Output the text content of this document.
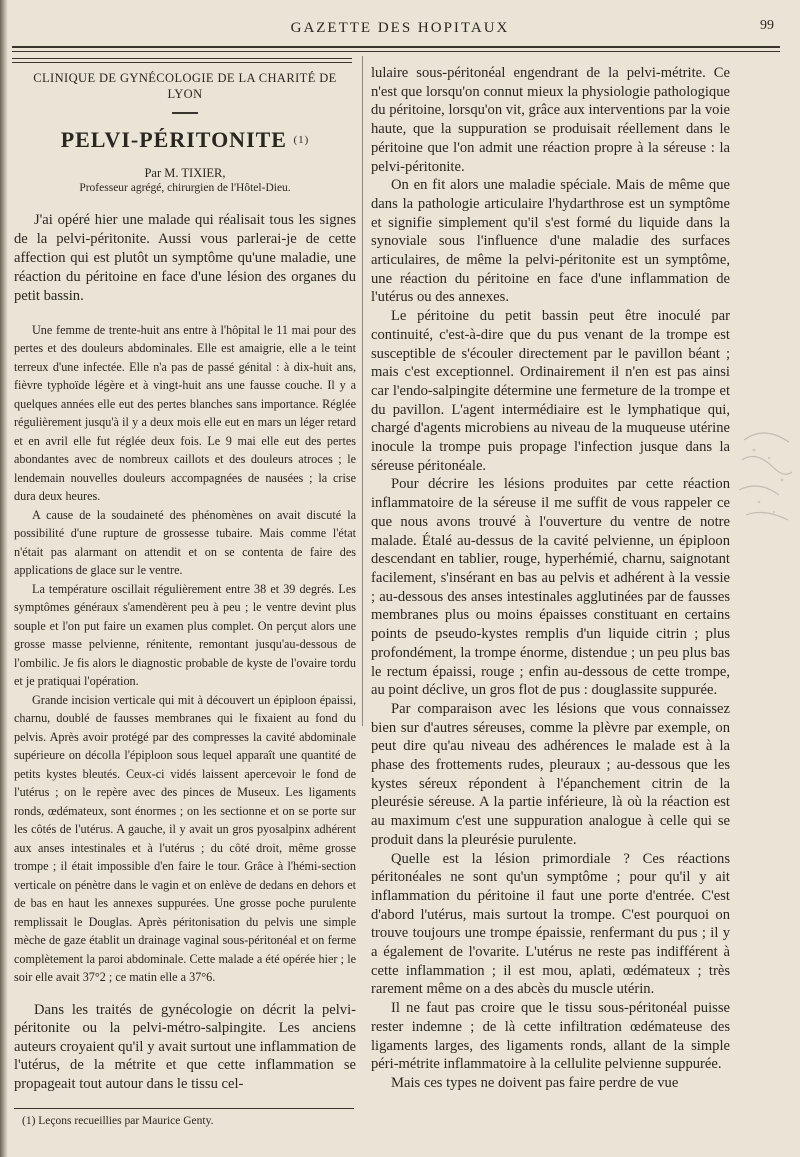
GAZETTE DES HOPITAUX	99
CLINIQUE DE GYNÉCOLOGIE DE LA CHARITÉ DE LYON
PELVI-PÉRITONITE $^{(1)}$
Par M. TIXIER,
Professeur agrégé, chirurgien de l'Hôtel-Dieu.

J'ai opéré hier une malade qui réalisait tous les signes de la pelvi-péritonite. Aussi vous parlerai-je de cette affection qui est plutôt un symptôme qu'une maladie, une réaction du péritoine en face d'une lésion des organes du petit bassin.

Une femme de trente-huit ans entre à l'hôpital le 11 mai pour des pertes et des douleurs abdominales. Elle est amaigrie, elle a le teint terreux d'une infectée. Elle n'a pas de passé génital : à dix-huit ans, fièvre typhoïde légère et à vingt-huit ans une fausse couche. Il y a quelques années elle eut des pertes blanches sans importance. Réglée régulièrement jusqu'à il y a deux mois elle eut en mars un léger retard et en avril elle fut réglée deux fois. Le 9 mai elle eut des pertes abondantes avec de nombreux caillots et des douleurs atroces ; le lendemain nouvelles douleurs accompagnées de nausées ; la crise dura deux heures.

A cause de la soudaineté des phénomènes on avait discuté la possibilité d'une rupture de grossesse tubaire. Mais comme l'état n'était pas alarmant on attendit et on se contenta de faire des applications de glace sur le ventre.

La température oscillait régulièrement entre 38 et 39 degrés. Les symptômes généraux s'amendèrent peu à peu ; le ventre devint plus souple et l'on put faire un examen plus complet. On perçut alors une grosse masse pelvienne, rénitente, remontant jusqu'au-dessous de l'ombilic. Je fis alors le diagnostic probable de kyste de l'ovaire tordu et je pratiquai l'opération.

Grande incision verticale qui mit à découvert un épiploon épaissi, charnu, doublé de fausses membranes qui le fixaient au fond du pelvis. Après avoir protégé par des compresses la cavité abdominale supérieure on décolla l'épiploon sous lequel apparaît une quantité de petits kystes bleutés. Ceux-ci vidés laissent apercevoir le fond de l'utérus ; on le repère avec des pinces de Museux. Les ligaments ronds, œdémateux, sont énormes ; on les sectionne et on se porte sur les côtés de l'utérus. A gauche, il y avait un gros pyosalpinx adhérent aux anses intestinales et à l'utérus ; du côté droit, même grosse trompe ; il était impossible d'en faire le tour. Grâce à l'hémi-section verticale on pénètre dans le vagin et on enlève de dedans en dehors et de bas en haut les annexes suppurées. Une grosse poche purulente remplissait le Douglas. Après péritonisation du pelvis une simple mèche de gaze établit un drainage vaginal sous-péritonéal et on ferme complètement la paroi abdominale. Cette malade a été opérée hier ; le soir elle avait 37°2 ; ce matin elle a 37°6.

Dans les traités de gynécologie on décrit la pelvi-péritonite ou la pelvi-métro-salpingite. Les anciens auteurs croyaient qu'il y avait surtout une inflammation de l'utérus, de la métrite et que cette inflammation se propageait tout autour dans le tissu cel-

(1) Leçons recueillies par Maurice Genty.

lulaire sous-péritonéal engendrant de la pelvi-métrite. Ce n'est que lorsqu'on connut mieux la physiologie pathologique du péritoine, lorsqu'on vit, grâce aux interventions par la voie haute, que la suppuration se produisait réellement dans le péritoine que l'on admit une réaction propre à la séreuse : la pelvi-péritonite.

On en fit alors une maladie spéciale. Mais de même que dans la pathologie articulaire l'hydarthrose est un symptôme et signifie simplement qu'il s'est formé du liquide dans la synoviale sous l'influence d'une maladie des surfaces articulaires, de même la pelvi-péritonite est un symptôme, une réaction du péritoine en face d'une inflammation de l'utérus ou des annexes.

Le péritoine du petit bassin peut être inoculé par continuité, c'est-à-dire que du pus venant de la trompe est susceptible de s'écouler directement par le pavillon béant ; mais c'est exceptionnel. Ordinairement il n'en est pas ainsi car l'endo-salpingite détermine une fermeture de la trompe et du pavillon. L'agent intermédiaire est le lymphatique qui, chargé d'agents microbiens au niveau de la muqueuse utérine inocule la trompe puis propage l'infection jusque dans la séreuse péritonéale.

Pour décrire les lésions produites par cette réaction inflammatoire de la séreuse il me suffit de vous rappeler ce que nous avons trouvé à l'ouverture du ventre de notre malade. Étalé au-dessus de la cavité pelvienne, un épiploon descendant en tablier, rouge, hyperhémié, charnu, saignotant facilement, s'insérant en bas au pelvis et adhérent à la vessie ; au-dessous des anses intestinales agglutinées par de fausses membranes plus ou moins épaisses constituant en certains points de pseudo-kystes remplis d'un liquide citrin ; plus profondément, la trompe énorme, distendue ; un peu plus bas le rectum épaissi, rouge ; enfin au-dessous de cette trompe, au point déclive, un gros flot de pus : douglassite suppurée.

Par comparaison avec les lésions que vous connaissez bien sur d'autres séreuses, comme la plèvre par exemple, on peut dire qu'au niveau des adhérences le malade est à la phase des frottements rudes, pleuraux ; au-dessous que les kystes séreux répondent à l'épanchement citrin de la pleurésie séreuse. A la partie inférieure, là où la réaction est au maximum c'est une suppuration analogue à celle qui se produit dans la pleurésie purulente.

Quelle est la lésion primordiale ? Ces réactions péritonéales ne sont qu'un symptôme ; pour qu'il y ait inflammation du péritoine il faut une porte d'entrée. C'est d'abord l'utérus, mais surtout la trompe. C'est pourquoi on trouve toujours une trompe épaissie, renfermant du pus ; il y a également de l'ovarite. L'utérus ne reste pas indifférent à cette inflammation ; il est mou, aplati, œdémateux ; très rarement même on a des abcès du muscle utérin.

Il ne faut pas croire que le tissu sous-péritonéal puisse rester indemne ; de là cette infiltration œdémateuse des ligaments larges, des ligaments ronds, allant de la simple péri-métrite inflammatoire à la cellulite pelvienne suppurée.

Mais ces types ne doivent pas faire perdre de vue
